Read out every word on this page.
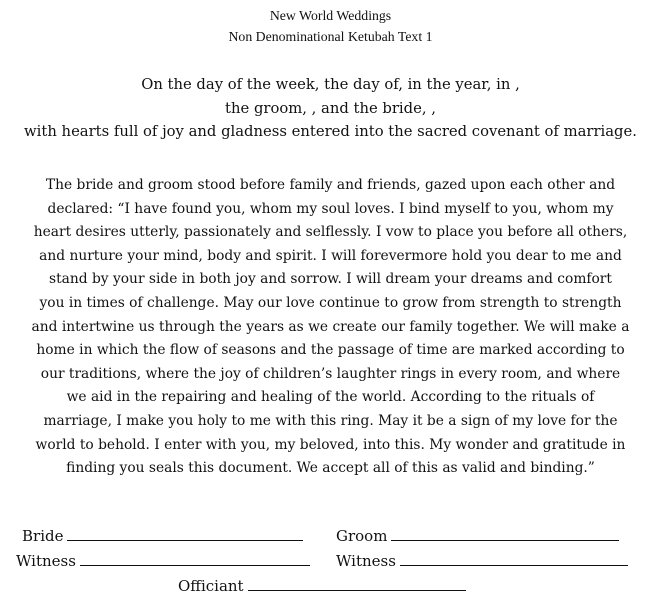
New World Weddings
Non Denominational Ketubah Text 1
On the day of the week, the day of, in the year, in ,
the groom, , and the bride, ,
with hearts full of joy and gladness entered into the sacred covenant of marriage.
The bride and groom stood before family and friends, gazed upon each other and
declared: “I have found you, whom my soul loves. I bind myself to you, whom my
heart desires utterly, passionately and selflessly. I vow to place you before all others,
and nurture your mind, body and spirit. I will forevermore hold you dear to me and
stand by your side in both joy and sorrow. I will dream your dreams and comfort
you in times of challenge. May our love continue to grow from strength to strength
and intertwine us through the years as we create our family together. We will make a
home in which the flow of seasons and the passage of time are marked according to
our traditions, where the joy of children’s laughter rings in every room, and where
we aid in the repairing and healing of the world. According to the rituals of
marriage, I make you holy to me with this ring. May it be a sign of my love for the
world to behold. I enter with you, my beloved, into this. My wonder and gratitude in
finding you seals this document. We accept all of this as valid and binding.”
Bride	Groom
Witness	Witness
Officiant
